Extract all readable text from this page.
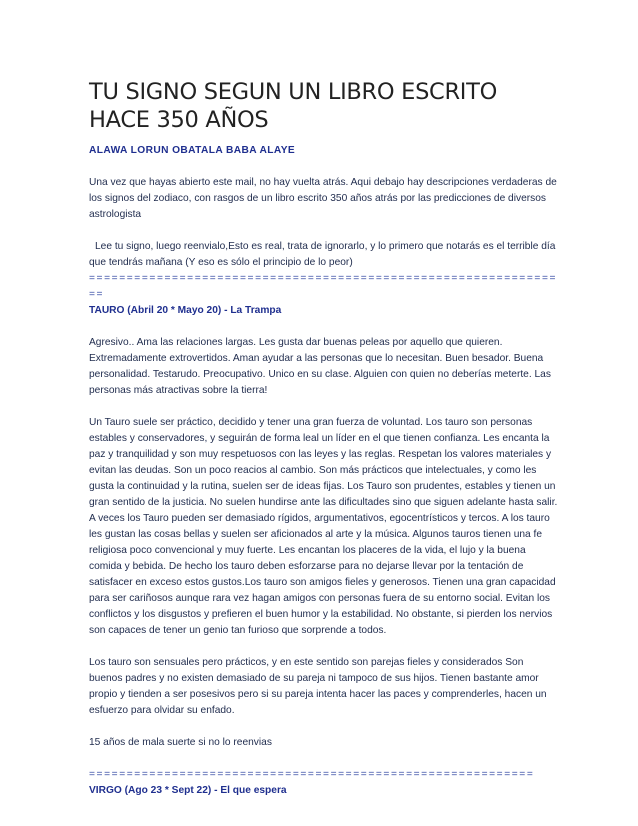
TU SIGNO SEGUN UN LIBRO ESCRITO HACE 350 AÑOS

ALAWA LORUN OBATALA BABA ALAYE

Una vez que hayas abierto este mail, no hay vuelta atrás. Aqui debajo hay descripciones verdaderas de los signos del zodiaco, con rasgos de un libro escrito 350 años atrás por las predicciones de diversos astrologista

Lee tu signo, luego reenvialo,Esto es real, trata de ignorarlo, y lo primero que notarás es el terrible día que tendrás mañana (Y eso es sólo el principio de lo peor)

================================================================

TAURO (Abril 20 * Mayo 20) - La Trampa

Agresivo.. Ama las relaciones largas. Les gusta dar buenas peleas por aquello que quieren. Extremadamente extrovertidos. Aman ayudar a las personas que lo necesitan. Buen besador. Buena personalidad. Testarudo. Preocupativo. Unico en su clase. Alguien con quien no deberías meterte. Las personas más atractivas sobre la tierra!

Un Tauro suele ser práctico, decidido y tener una gran fuerza de voluntad. Los tauro son personas estables y conservadores, y seguirán de forma leal un líder en el que tienen confianza. Les encanta la paz y tranquilidad y son muy respetuosos con las leyes y las reglas. Respetan los valores materiales y evitan las deudas. Son un poco reacios al cambio. Son más prácticos que intelectuales, y como les gusta la continuidad y la rutina, suelen ser de ideas fijas. Los Tauro son prudentes, estables y tienen un gran sentido de la justicia. No suelen hundirse ante las dificultades sino que siguen adelante hasta salir. A veces los Tauro pueden ser demasiado rígidos, argumentativos, egocentrísticos y tercos. A los tauro les gustan las cosas bellas y suelen ser aficionados al arte y la música. Algunos tauros tienen una fe religiosa poco convencional y muy fuerte. Les encantan los placeres de la vida, el lujo y la buena comida y bebida. De hecho los tauro deben esforzarse para no dejarse llevar por la tentación de satisfacer en exceso estos gustos.Los tauro son amigos fieles y generosos. Tienen una gran capacidad para ser cariñosos aunque rara vez hagan amigos con personas fuera de su entorno social. Evitan los conflictos y los disgustos y prefieren el buen humor y la estabilidad. No obstante, si pierden los nervios son capaces de tener un genio tan furioso que sorprende a todos.

Los tauro son sensuales pero prácticos, y en este sentido son parejas fieles y considerados Son buenos padres y no existen demasiado de su pareja ni tampoco de sus hijos. Tienen bastante amor propio y tienden a ser posesivos pero si su pareja intenta hacer las paces y comprenderles, hacen un esfuerzo para olvidar su enfado.

15 años de mala suerte si no lo reenvias

===========================================================

VIRGO (Ago 23 * Sept 22) - El que espera
